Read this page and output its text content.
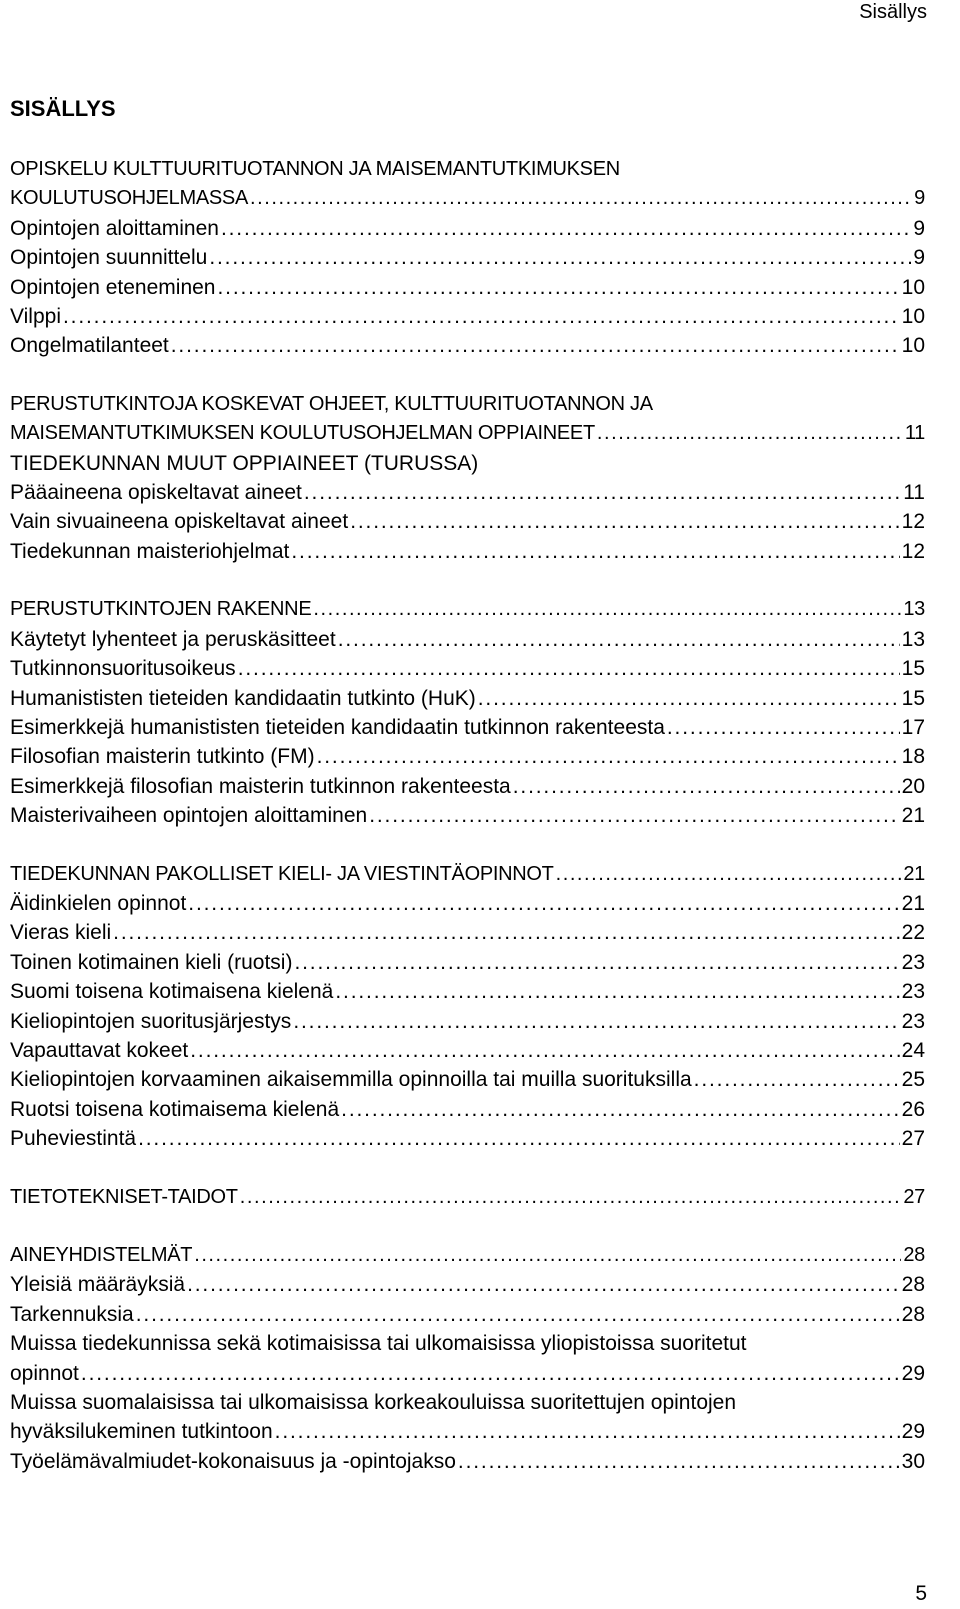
Sisällys
SISÄLLYS
OPISKELU KULTTUURITUOTANNON JA MAISEMANTUTKIMUKSEN
KOULUTUSOHJELMASSA . . .	9
Opintojen aloittaminen . . .	9
Opintojen suunnittelu . . .	9
Opintojen eteneminen . . .	10
Vilppi . . .	10
Ongelmatilanteet . . .	10
PERUSTUTKINTOJA KOSKEVAT OHJEET, KULTTUURITUOTANNON JA
MAISEMANTUTKIMUKSEN KOULUTUSOHJELMAN OPPIAINEET . . .	11
TIEDEKUNNAN MUUT OPPIAINEET (TURUSSA)
Pääaineena opiskeltavat aineet . . .	11
Vain sivuaineena opiskeltavat aineet . . .	12
Tiedekunnan maisteriohjelmat . . .	12
PERUSTUTKINTOJEN RAKENNE . . .	13
Käytetyt lyhenteet ja peruskäsitteet . . .	13
Tutkinnonsuoritusoikeus . . .	15
Humanististen tieteiden kandidaatin tutkinto (HuK) . . .	15
Esimerkkejä humanististen tieteiden kandidaatin tutkinnon rakenteesta . . .	17
Filosofian maisterin tutkinto (FM) . . .	18
Esimerkkejä filosofian maisterin tutkinnon rakenteesta . . .	20
Maisterivaiheen opintojen aloittaminen . . .	21
TIEDEKUNNAN PAKOLLISET KIELI- JA VIESTINTÄOPINNOT . . .	21
Äidinkielen opinnot . . .	21
Vieras kieli . . .	22
Toinen kotimainen kieli (ruotsi) . . .	23
Suomi toisena kotimaisena kielenä . . .	23
Kieliopintojen suoritusjärjestys . . .	23
Vapauttavat kokeet . . .	24
Kieliopintojen korvaaminen aikaisemmilla opinnoilla tai muilla suorituksilla . . .	25
Ruotsi toisena kotimaisema kielenä . . .	26
Puheviestintä . . .	27
TIETOTEKNISET-TAIDOT . . .	27
AINEYHDISTELMÄT . . .	28
Yleisiä määräyksiä . . .	28
Tarkennuksia . . .	28
Muissa tiedekunnissa sekä kotimaisissa tai ulkomaisissa yliopistoissa suoritetut
opinnot . . .	29
Muissa suomalaisissa tai ulkomaisissa korkeakouluissa suoritettujen opintojen
hyväksilukeminen tutkintoon . . .	29
Työelämävalmiudet-kokonaisuus ja -opintojakso . . .	30
5
